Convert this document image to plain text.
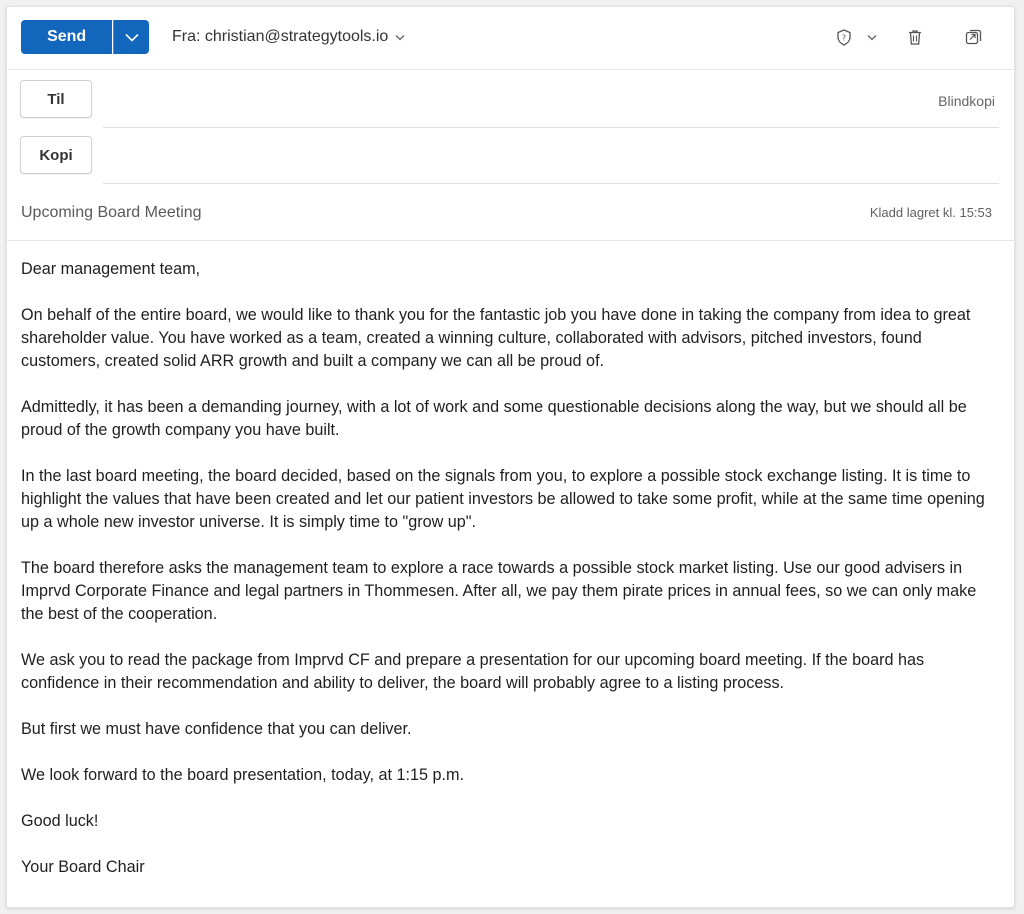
Send	Fra: christian@strategytools.io	?
Til	Blindkopi
Kopi
Upcoming Board Meeting	Kladd lagret kl. 15:53

Dear management team,

On behalf of the entire board, we would like to thank you for the fantastic job you have done in taking the company from idea to great shareholder value. You have worked as a team, created a winning culture, collaborated with advisors, pitched investors, found customers, created solid ARR growth and built a company we can all be proud of.

Admittedly, it has been a demanding journey, with a lot of work and some questionable decisions along the way, but we should all be proud of the growth company you have built.

In the last board meeting, the board decided, based on the signals from you, to explore a possible stock exchange listing. It is time to highlight the values that have been created and let our patient investors be allowed to take some profit, while at the same time opening up a whole new investor universe. It is simply time to "grow up".

The board therefore asks the management team to explore a race towards a possible stock market listing. Use our good advisers in Imprvd Corporate Finance and legal partners in Thommesen. After all, we pay them pirate prices in annual fees, so we can only make the best of the cooperation.

We ask you to read the package from Imprvd CF and prepare a presentation for our upcoming board meeting. If the board has confidence in their recommendation and ability to deliver, the board will probably agree to a listing process.

But first we must have confidence that you can deliver.

We look forward to the board presentation, today, at 1:15 p.m.

Good luck!

Your Board Chair
